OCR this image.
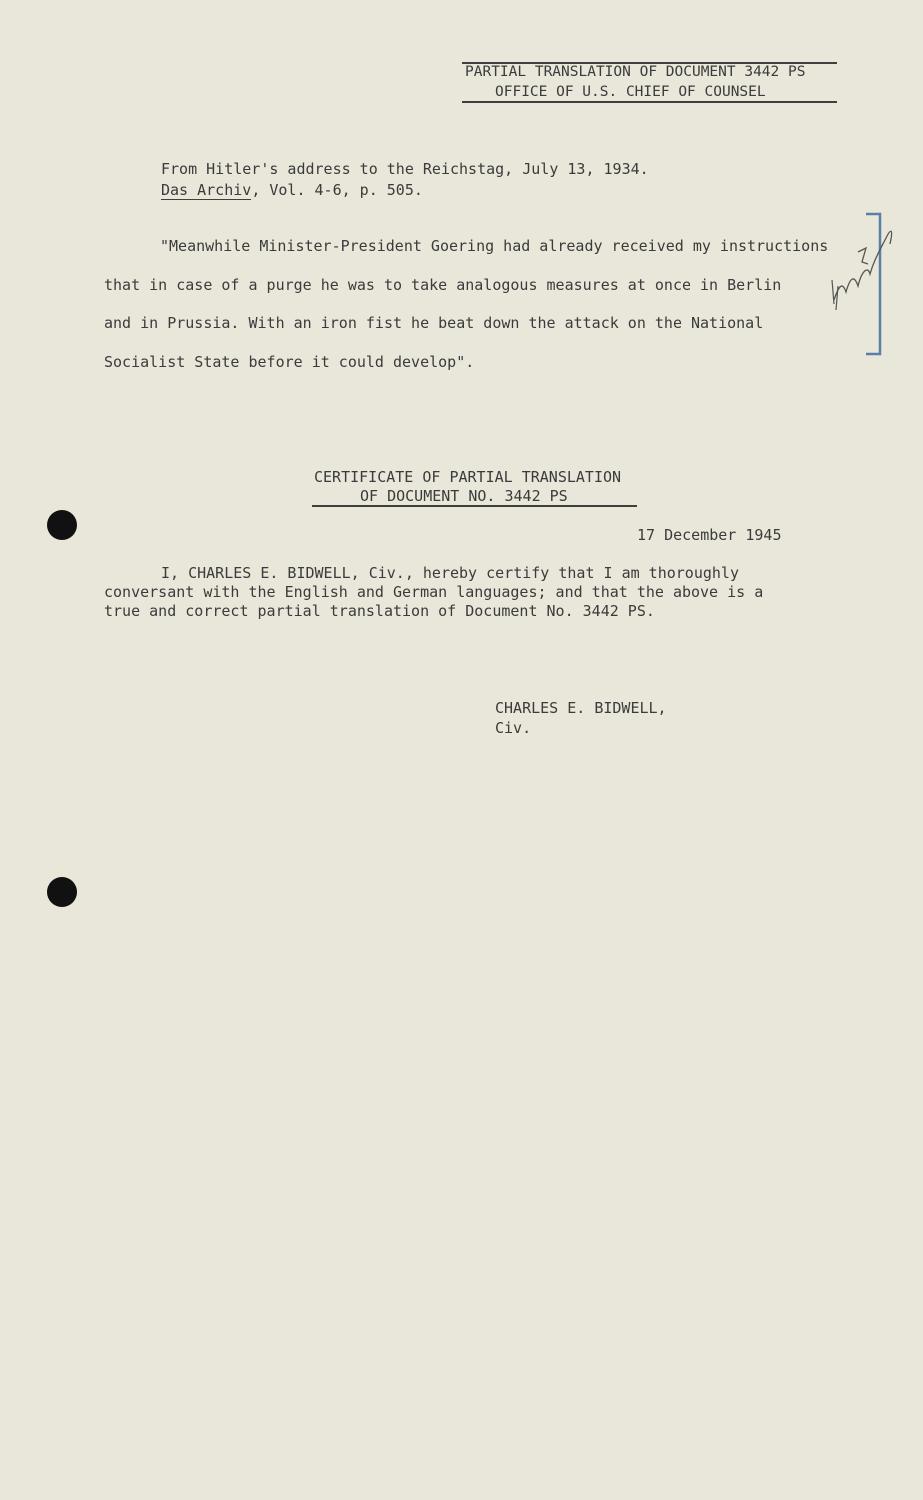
PARTIAL TRANSLATION OF DOCUMENT 3442 PS
OFFICE OF U.S. CHIEF OF COUNSEL
From Hitler's address to the Reichstag, July 13, 1934.
Das Archiv, Vol. 4-6, p. 505.
"Meanwhile Minister-President Goering had already received my instructions
that in case of a purge he was to take analogous measures at once in Berlin
and in Prussia. With an iron fist he beat down the attack on the National
Socialist State before it could develop".
CERTIFICATE OF PARTIAL TRANSLATION
OF DOCUMENT NO. 3442 PS
17 December 1945
I, CHARLES E. BIDWELL, Civ., hereby certify that I am thoroughly
conversant with the English and German languages; and that the above is a
true and correct partial translation of Document No. 3442 PS.
CHARLES E. BIDWELL,
Civ.
